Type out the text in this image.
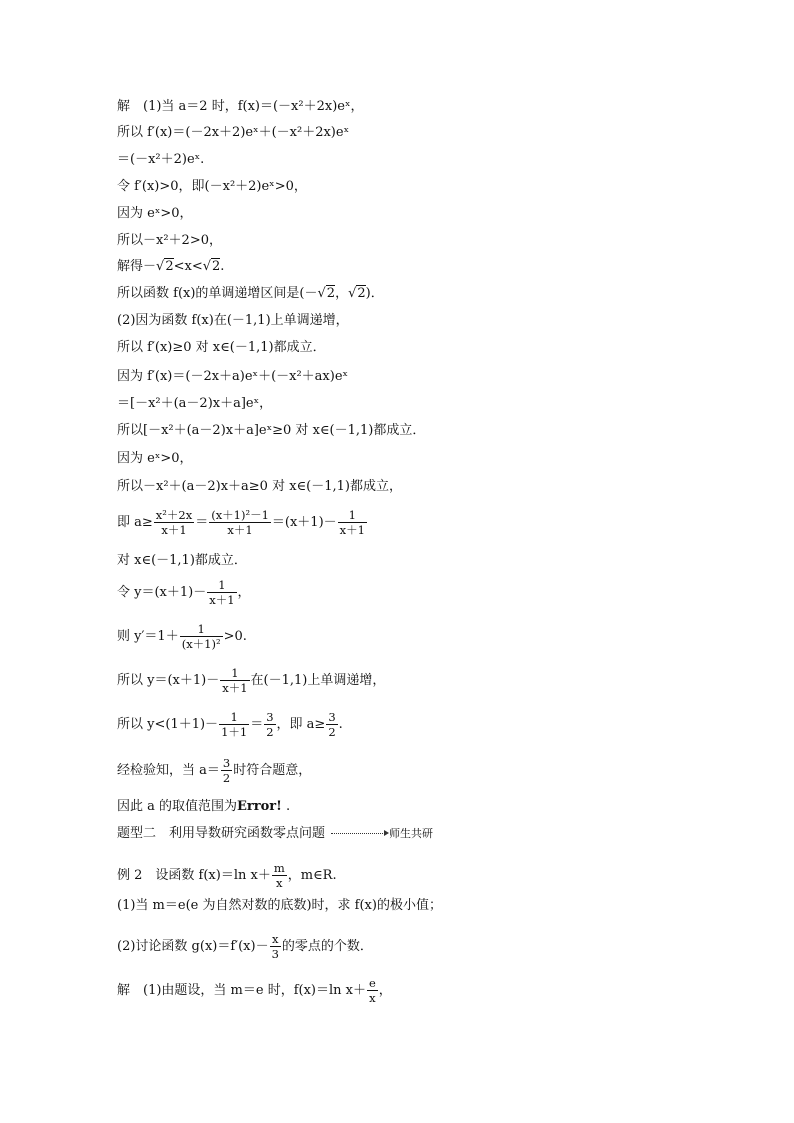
解　(1)当 a＝2 时，f(x)＝(－x²＋2x)eˣ，
所以 f′(x)＝(－2x＋2)eˣ＋(－x²＋2x)eˣ
＝(－x²＋2)eˣ.
令 f′(x)>0，即(－x²＋2)eˣ>0，
因为 eˣ>0，
所以－x²＋2>0，
解得－√2<x<√2.
所以函数 f(x)的单调递增区间是(－√2，√2)．
(2)因为函数 f(x)在(－1,1)上单调递增，
所以 f′(x)≥0 对 x∈(－1,1)都成立．
因为 f′(x)＝(－2x＋a)eˣ＋(－x²＋ax)eˣ
＝[－x²＋(a－2)x＋a]eˣ，
所以[－x²＋(a－2)x＋a]eˣ≥0 对 x∈(－1,1)都成立．
因为 eˣ>0，
所以－x²＋(a－2)x＋a≥0 对 x∈(－1,1)都成立，
即 $a\ge \frac{\text{x²＋2x}}{x+1} = \frac{\text{(x＋1)²－1}}{x+1} =(x+1)- \frac{1}{x+1}$
对 x∈(－1,1)都成立．
令 $y=(x+1)- \frac{1}{x+1}$ ，
则 $y'=1+ \frac{1}{\text{(x＋1)²}} >0$.
所以 $y=(x+1)- \frac{1}{x+1}$ 在(－1,1)上单调递增，
所以 $y<(1+1)- \frac{1}{1+1} = \frac{3}{2}$ ，即 $a\ge \frac{3}{2}$ .
经检验知，当 $a= \frac{3}{2}$ 时符合题意，
因此 a 的取值范围为Error! .
题型二　利用导数研究函数零点问题	师生共研
例 2　设函数 f(x)＝ln $x+ \frac{m}{x}$ ，m∈R.
(1)当 m＝e(e 为自然对数的底数)时，求 f(x)的极小值；
(2)讨论函数 $g(x)=f'(x)- \frac{x}{3}$ 的零点的个数．
解　(1)由题设，当 m＝e 时，f(x)＝ln $x+ \frac{e}{x}$ ，
